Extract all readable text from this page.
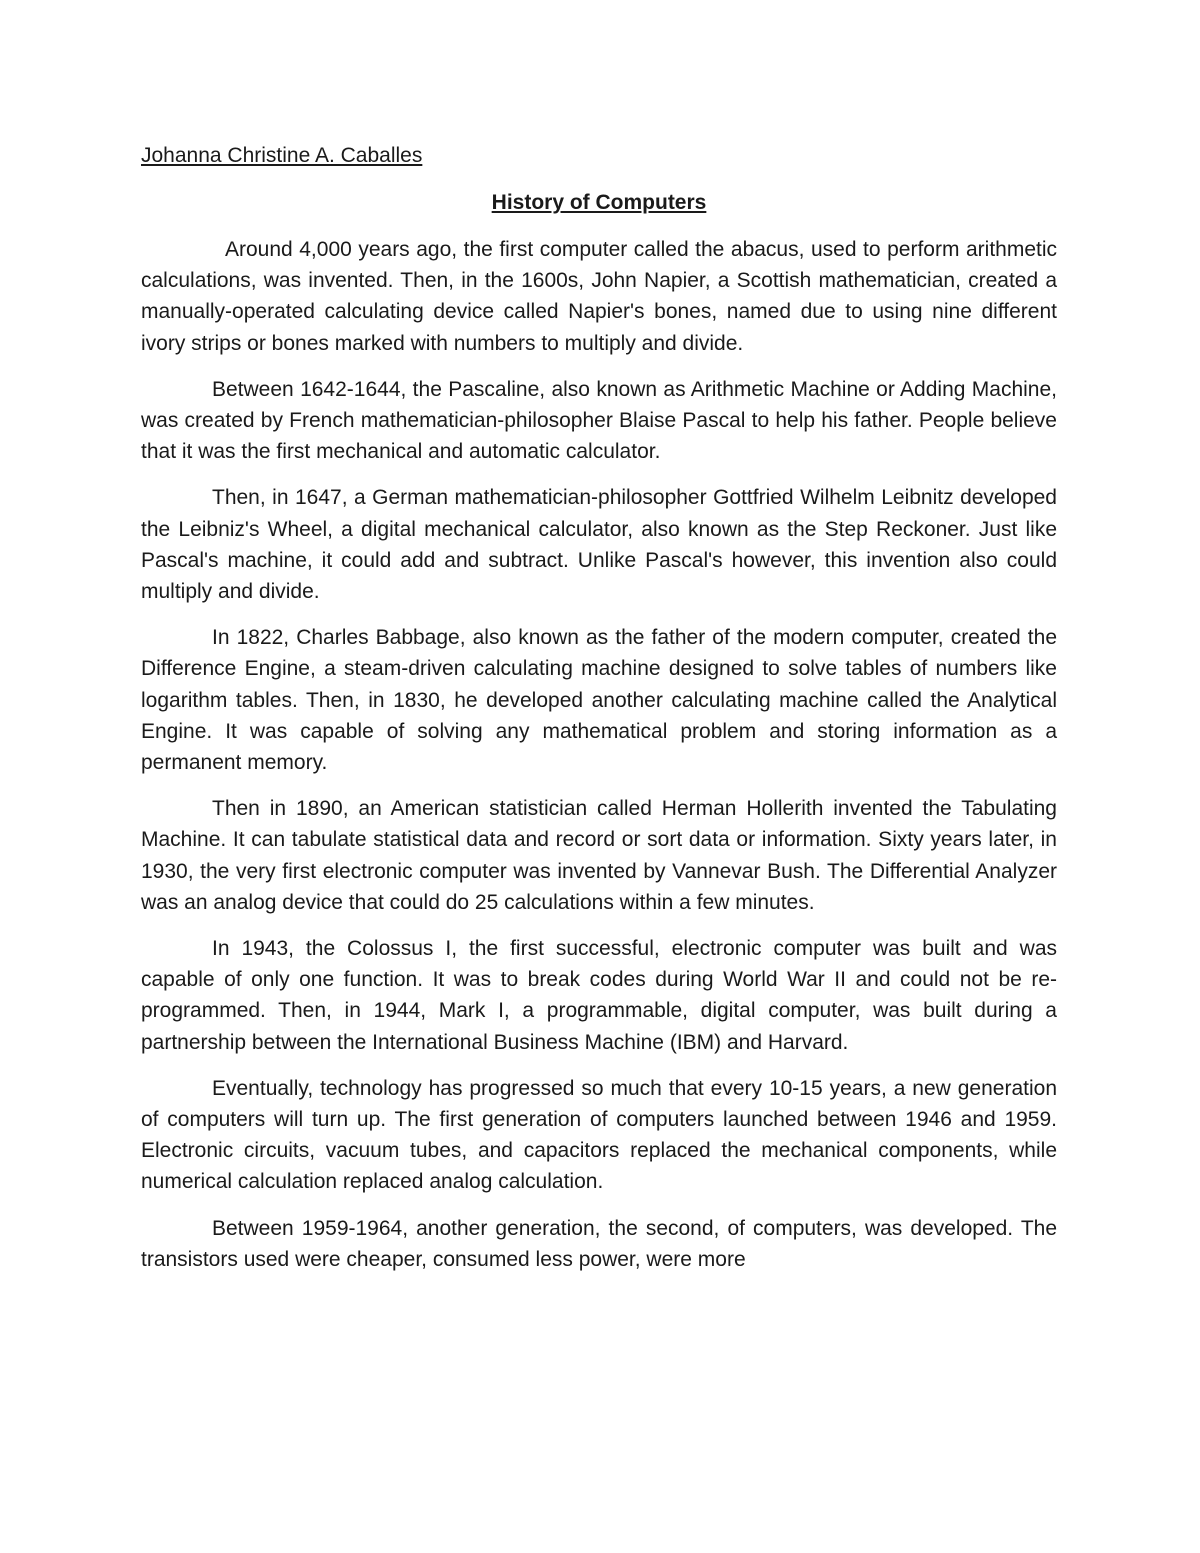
Johanna Christine A. Caballes
History of Computers

Around 4,000 years ago, the first computer called the abacus, used to perform arithmetic calculations, was invented. Then, in the 1600s, John Napier, a Scottish mathematician, created a manually-operated calculating device called Napier's bones, named due to using nine different ivory strips or bones marked with numbers to multiply and divide.

Between 1642-1644, the Pascaline, also known as Arithmetic Machine or Adding Machine, was created by French mathematician-philosopher Blaise Pascal to help his father. People believe that it was the first mechanical and automatic calculator.

Then, in 1647, a German mathematician-philosopher Gottfried Wilhelm Leibnitz developed the Leibniz's Wheel, a digital mechanical calculator, also known as the Step Reckoner. Just like Pascal's machine, it could add and subtract. Unlike Pascal's however, this invention also could multiply and divide.

In 1822, Charles Babbage, also known as the father of the modern computer, created the Difference Engine, a steam-driven calculating machine designed to solve tables of numbers like logarithm tables. Then, in 1830, he developed another calculating machine called the Analytical Engine. It was capable of solving any mathematical problem and storing information as a permanent memory.

Then in 1890, an American statistician called Herman Hollerith invented the Tabulating Machine. It can tabulate statistical data and record or sort data or information. Sixty years later, in 1930, the very first electronic computer was invented by Vannevar Bush. The Differential Analyzer was an analog device that could do 25 calculations within a few minutes.

In 1943, the Colossus I, the first successful, electronic computer was built and was capable of only one function. It was to break codes during World War II and could not be re-programmed. Then, in 1944, Mark I, a programmable, digital computer, was built during a partnership between the International Business Machine (IBM) and Harvard.

Eventually, technology has progressed so much that every 10-15 years, a new generation of computers will turn up. The first generation of computers launched between 1946 and 1959. Electronic circuits, vacuum tubes, and capacitors replaced the mechanical components, while numerical calculation replaced analog calculation.

Between 1959-1964, another generation, the second, of computers, was developed. The transistors used were cheaper, consumed less power, were more
